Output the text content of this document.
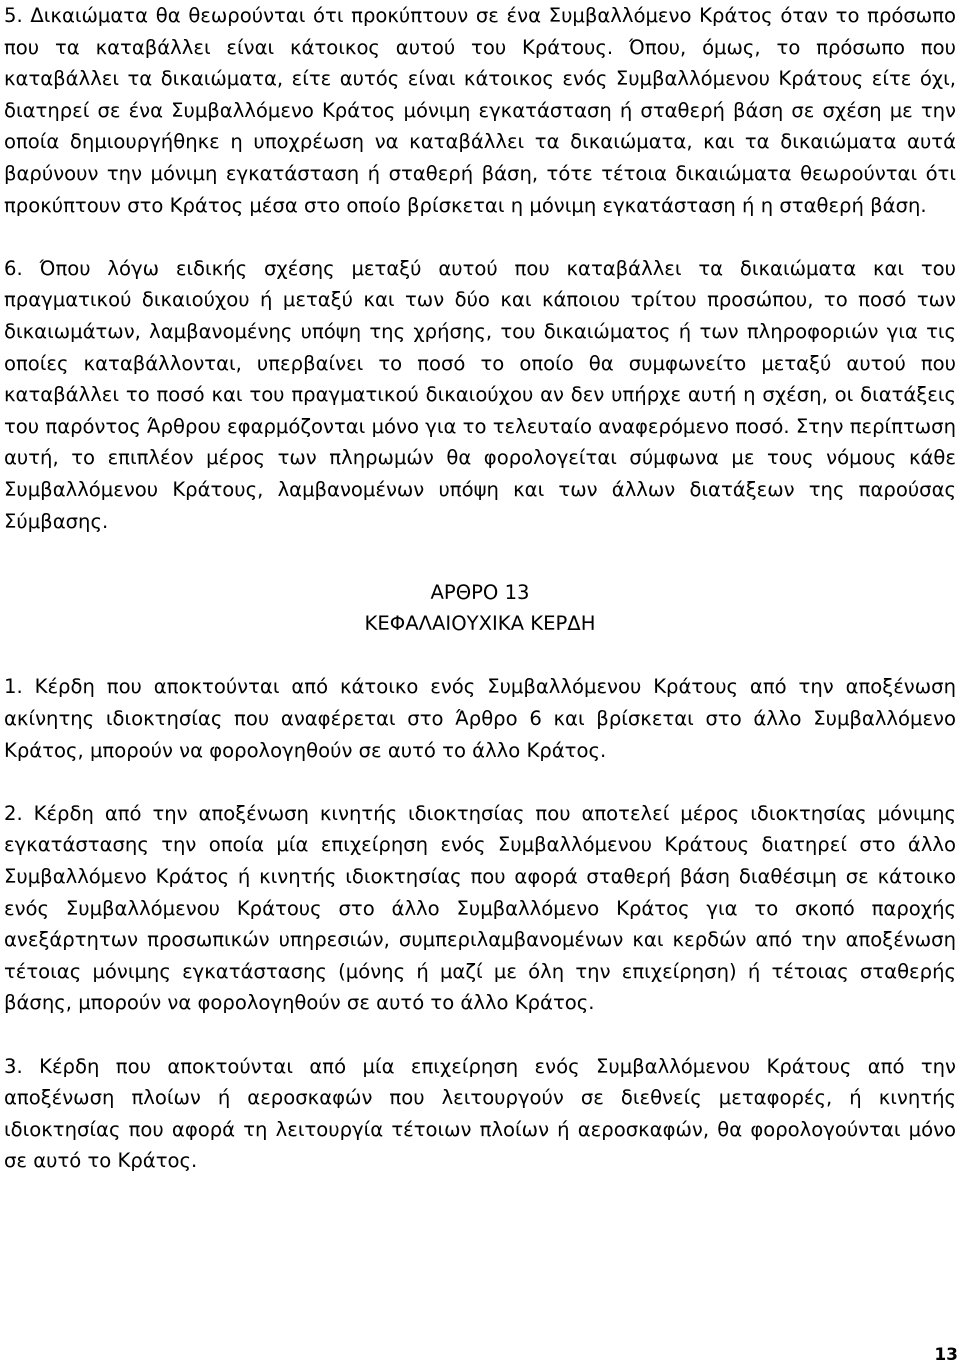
5. Δικαιώματα θα θεωρούνται ότι προκύπτουν σε ένα Συμβαλλόμενο Κράτος όταν το πρόσωπο που τα καταβάλλει είναι κάτοικος αυτού του Κράτους. Όπου, όμως, το πρόσωπο που καταβάλλει τα δικαιώματα, είτε αυτός είναι κάτοικος ενός Συμβαλλόμενου Κράτους είτε όχι, διατηρεί σε ένα Συμβαλλόμενο Κράτος μόνιμη εγκατάσταση ή σταθερή βάση σε σχέση με την οποία δημιουργήθηκε η υποχρέωση να καταβάλλει τα δικαιώματα, και τα δικαιώματα αυτά βαρύνουν την μόνιμη εγκατάσταση ή σταθερή βάση, τότε τέτοια δικαιώματα θεωρούνται ότι προκύπτουν στο Κράτος μέσα στο οποίο βρίσκεται η μόνιμη εγκατάσταση ή η σταθερή βάση.

6. Όπου λόγω ειδικής σχέσης μεταξύ αυτού που καταβάλλει τα δικαιώματα και του πραγματικού δικαιούχου ή μεταξύ και των δύο και κάποιου τρίτου προσώπου, το ποσό των δικαιωμάτων, λαμβανομένης υπόψη της χρήσης, του δικαιώματος ή των πληροφοριών για τις οποίες καταβάλλονται, υπερβαίνει το ποσό το οποίο θα συμφωνείτο μεταξύ αυτού που καταβάλλει το ποσό και του πραγματικού δικαιούχου αν δεν υπήρχε αυτή η σχέση, οι διατάξεις του παρόντος Άρθρου εφαρμόζονται μόνο για το τελευταίο αναφερόμενο ποσό. Στην περίπτωση αυτή, το επιπλέον μέρος των πληρωμών θα φορολογείται σύμφωνα με τους νόμους κάθε Συμβαλλόμενου Κράτους, λαμβανομένων υπόψη και των άλλων διατάξεων της παρούσας Σύμβασης.

ΑΡΘΡΟ 13

ΚΕΦΑΛΑΙΟΥΧΙΚΑ ΚΕΡΔΗ

1. Κέρδη που αποκτούνται από κάτοικο ενός Συμβαλλόμενου Κράτους από την αποξένωση ακίνητης ιδιοκτησίας που αναφέρεται στο Άρθρο 6 και βρίσκεται στο άλλο Συμβαλλόμενο Κράτος, μπορούν να φορολογηθούν σε αυτό το άλλο Κράτος.

2. Κέρδη από την αποξένωση κινητής ιδιοκτησίας που αποτελεί μέρος ιδιοκτησίας μόνιμης εγκατάστασης την οποία μία επιχείρηση ενός Συμβαλλόμενου Κράτους διατηρεί στο άλλο Συμβαλλόμενο Κράτος ή κινητής ιδιοκτησίας που αφορά σταθερή βάση διαθέσιμη σε κάτοικο ενός Συμβαλλόμενου Κράτους στο άλλο Συμβαλλόμενο Κράτος για το σκοπό παροχής ανεξάρτητων προσωπικών υπηρεσιών, συμπεριλαμβανομένων και κερδών από την αποξένωση τέτοιας μόνιμης εγκατάστασης (μόνης ή μαζί με όλη την επιχείρηση) ή τέτοιας σταθερής βάσης, μπορούν να φορολογηθούν σε αυτό το άλλο Κράτος.

3. Κέρδη που αποκτούνται από μία επιχείρηση ενός Συμβαλλόμενου Κράτους από την αποξένωση πλοίων ή αεροσκαφών που λειτουργούν σε διεθνείς μεταφορές, ή κινητής ιδιοκτησίας που αφορά τη λειτουργία τέτοιων πλοίων ή αεροσκαφών, θα φορολογούνται μόνο σε αυτό το Κράτος.

13
